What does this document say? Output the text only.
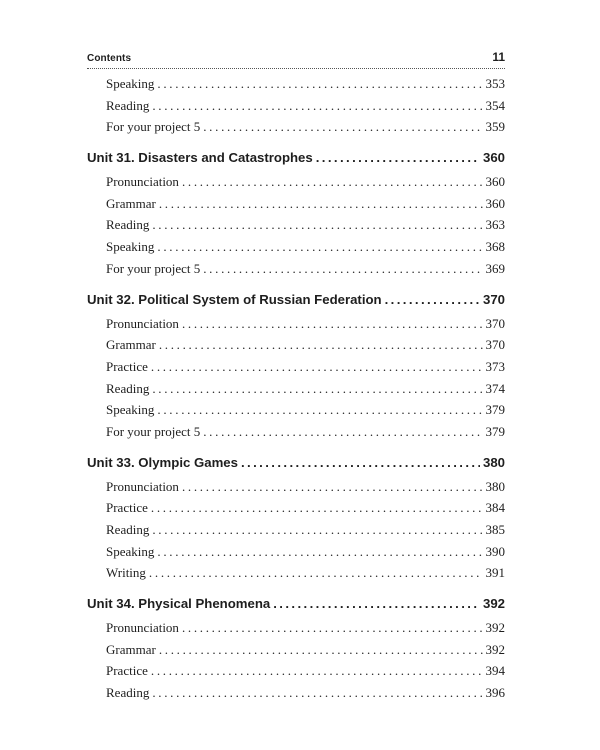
Contents	11
Speaking .....	353
Reading .....	354
For your project 5 .....	359
Unit 31. Disasters and Catastrophes .....	360
Pronunciation .....	360
Grammar .....	360
Reading .....	363
Speaking .....	368
For your project 5 .....	369
Unit 32. Political System of Russian Federation .....	370
Pronunciation .....	370
Grammar .....	370
Practice .....	373
Reading .....	374
Speaking .....	379
For your project 5 .....	379
Unit 33. Olympic Games .....	380
Pronunciation .....	380
Practice .....	384
Reading .....	385
Speaking .....	390
Writing .....	391
Unit 34. Physical Phenomena .....	392
Pronunciation .....	392
Grammar .....	392
Practice .....	394
Reading .....	396
